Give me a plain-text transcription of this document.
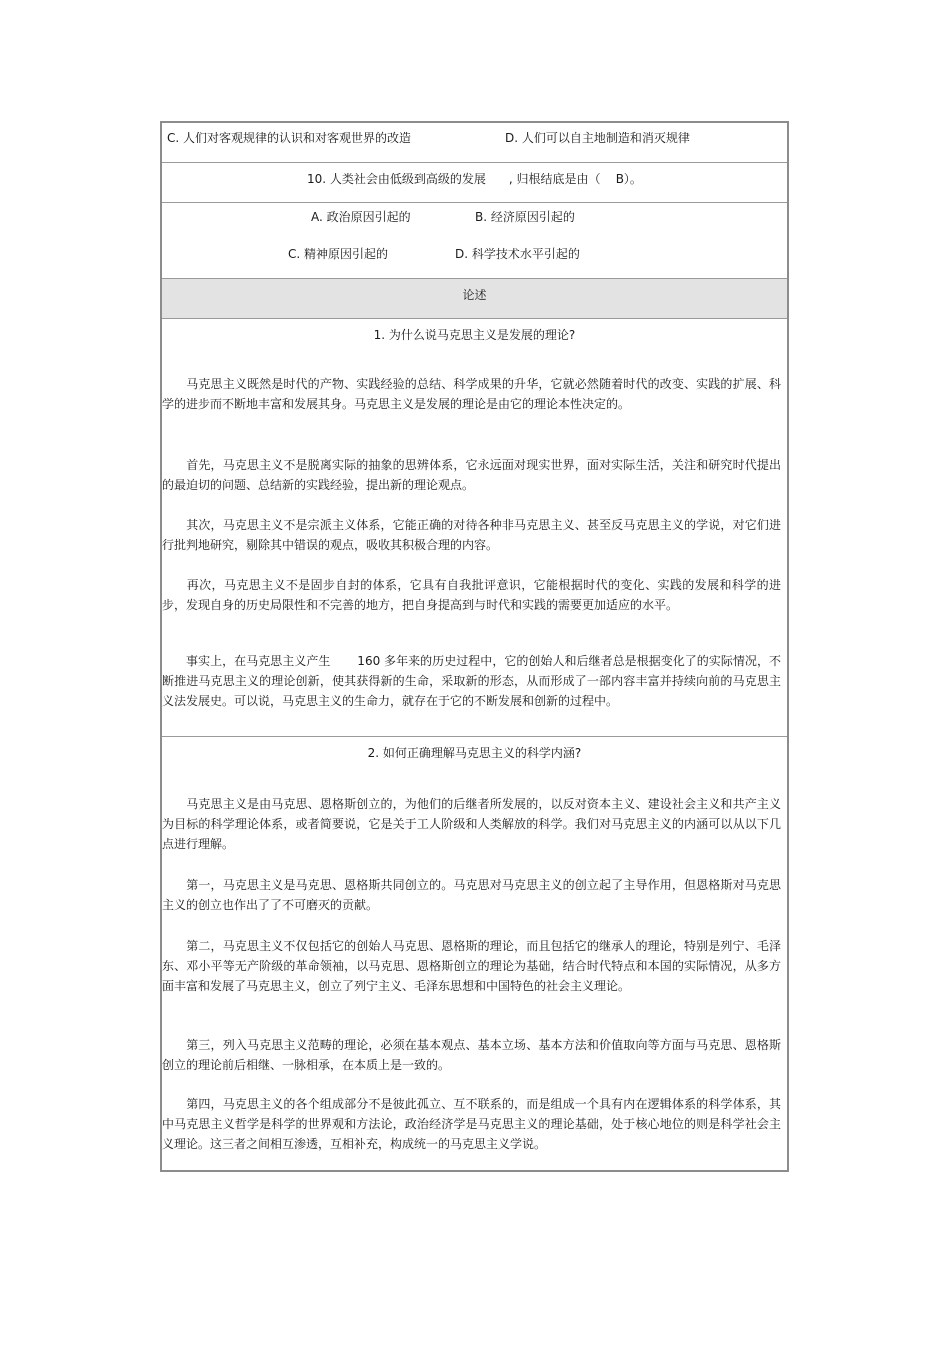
C. 人们对客观规律的认识和对客观世界的改造	D. 人们可以自主地制造和消灭规律
10. 人类社会由低级到高级的发展      , 归根结底是由（    B）。
A. 政治原因引起的	B. 经济原因引起的
C. 精神原因引起的	D. 科学技术水平引起的
论述
1. 为什么说马克思主义是发展的理论?
　　马克思主义既然是时代的产物、实践经验的总结、科学成果的升华，它就必然随着时代的改变、实践的扩展、科学的进步而不断地丰富和发展其身。马克思主义是发展的理论是由它的理论本性决定的。
　　首先，马克思主义不是脱离实际的抽象的思辨体系，它永远面对现实世界，面对实际生活，关注和研究时代提出的最迫切的问题、总结新的实践经验，提出新的理论观点。
　　其次，马克思主义不是宗派主义体系，它能正确的对待各种非马克思主义、甚至反马克思主义的学说，对它们进行批判地研究，剔除其中错误的观点，吸收其积极合理的内容。
　　再次，马克思主义不是固步自封的体系，它具有自我批评意识，它能根据时代的变化、实践的发展和科学的进步，发现自身的历史局限性和不完善的地方，把自身提高到与时代和实践的需要更加适应的水平。
　　事实上，在马克思主义产生       160 多年来的历史过程中，它的创始人和后继者总是根据变化了的实际情况，不断推进马克思主义的理论创新，使其获得新的生命，采取新的形态，从而形成了一部内容丰富并持续向前的马克思主义法发展史。可以说，马克思主义的生命力，就存在于它的不断发展和创新的过程中。
2. 如何正确理解马克思主义的科学内涵?
　　马克思主义是由马克思、恩格斯创立的，为他们的后继者所发展的，以反对资本主义、建设社会主义和共产主义为目标的科学理论体系，或者简要说，它是关于工人阶级和人类解放的科学。我们对马克思主义的内涵可以从以下几点进行理解。
　　第一，马克思主义是马克思、恩格斯共同创立的。马克思对马克思主义的创立起了主导作用，但恩格斯对马克思主义的创立也作出了了不可磨灭的贡献。
　　第二，马克思主义不仅包括它的创始人马克思、恩格斯的理论，而且包括它的继承人的理论，特别是列宁、毛泽东、邓小平等无产阶级的革命领袖，以马克思、恩格斯创立的理论为基础，结合时代特点和本国的实际情况，从多方面丰富和发展了马克思主义，创立了列宁主义、毛泽东思想和中国特色的社会主义理论。
　　第三，列入马克思主义范畴的理论，必须在基本观点、基本立场、基本方法和价值取向等方面与马克思、恩格斯创立的理论前后相继、一脉相承，在本质上是一致的。
　　第四，马克思主义的各个组成部分不是彼此孤立、互不联系的，而是组成一个具有内在逻辑体系的科学体系，其中马克思主义哲学是科学的世界观和方法论，政治经济学是马克思主义的理论基础，处于核心地位的则是科学社会主义理论。这三者之间相互渗透，互相补充，构成统一的马克思主义学说。
